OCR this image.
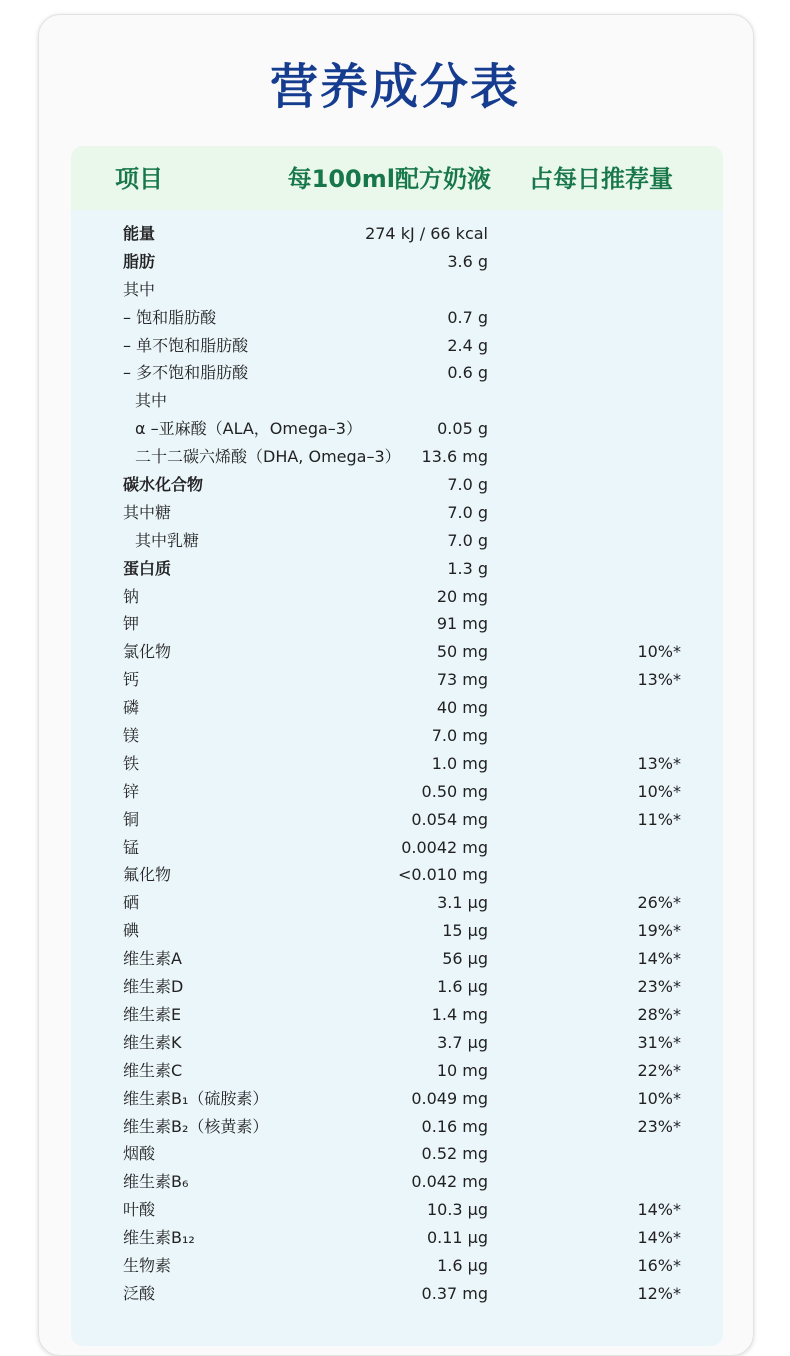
营养成分表
项目	每100ml配方奶液 占每日推荐量
能量	274 kJ / 66 kcal
脂肪	3.6 g
其中
– 饱和脂肪酸	0.7 g
– 单不饱和脂肪酸	2.4 g
– 多不饱和脂肪酸	0.6 g
其中
α –亚麻酸（ALA，Omega–3）	0.05 g
二十二碳六烯酸（DHA, Omega–3）	13.6 mg
碳水化合物	7.0 g
其中糖	7.0 g
其中乳糖	7.0 g
蛋白质	1.3 g
钠	20 mg
钾	91 mg
氯化物	50 mg	10%*
钙	73 mg	13%*
磷	40 mg
镁	7.0 mg
铁	1.0 mg	13%*
锌	0.50 mg	10%*
铜	0.054 mg	11%*
锰	0.0042 mg
氟化物	<0.010 mg
硒	3.1 μg	26%*
碘	15 μg	19%*
维生素A	56 μg	14%*
维生素D	1.6 μg	23%*
维生素E	1.4 mg	28%*
维生素K	3.7 μg	31%*
维生素C	10 mg	22%*
维生素B₁（硫胺素）	0.049 mg	10%*
维生素B₂（核黄素）	0.16 mg	23%*
烟酸	0.52 mg
维生素B₆	0.042 mg
叶酸	10.3 μg	14%*
维生素B₁₂	0.11 μg	14%*
生物素	1.6 μg	16%*
泛酸	0.37 mg	12%*
